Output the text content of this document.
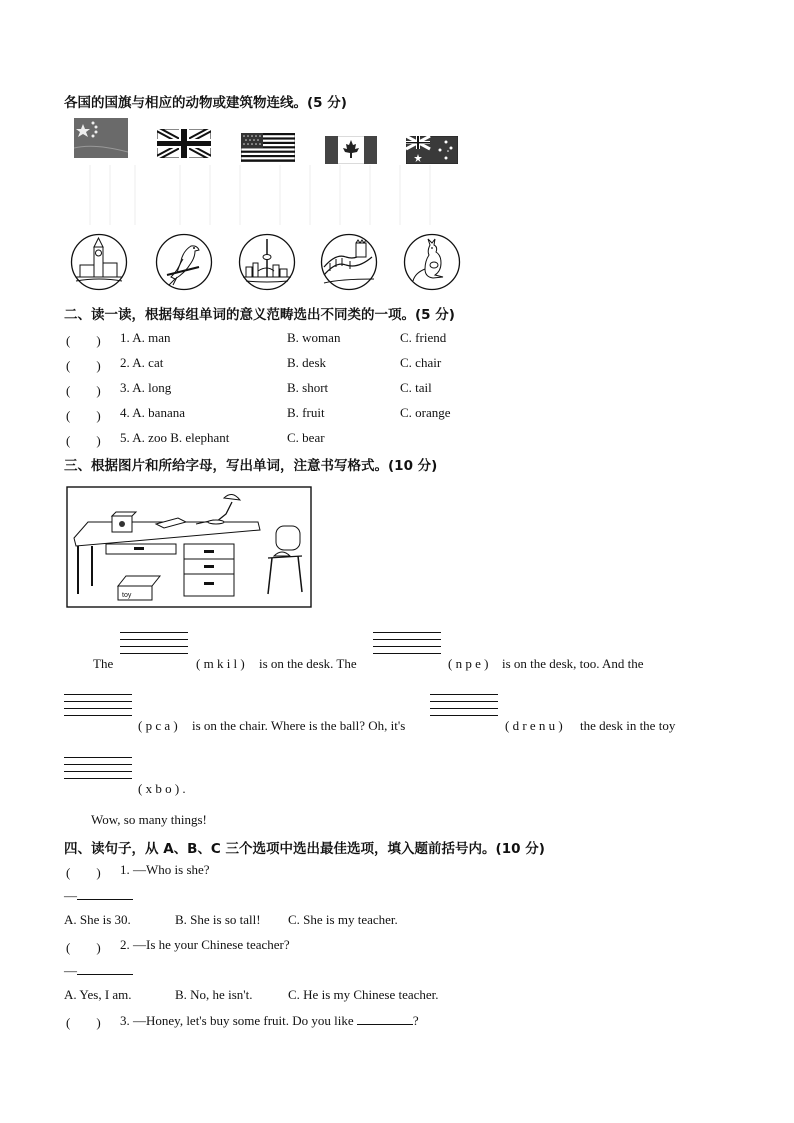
各国的国旗与相应的动物或建筑物连线。(5 分)
二、读一读，根据每组单词的意义范畴选出不同类的一项。(5 分)
(　　) 1. A. man	B. woman	C. friend
(　　) 2. A. cat	B. desk	C. chair
(　　) 3. A. long	B. short	C. tail
(　　) 4. A. banana	B. fruit	C. orange
(　　) 5. A. zoo B. elephant	C. bear
三、根据图片和所给字母，写出单词，注意书写格式。(10 分)
toy
The	( m k i l ) is on the desk. The	( n p e ) is on the desk, too. And the
( p c a ) is on the chair. Where is the ball? Oh, it's	( d r e n u ) the desk in the toy
( x b o ) .
Wow, so many things!
四、读句子，从 A、B、C 三个选项中选出最佳选项，填入题前括号内。(10 分)
(　　) 1. —Who is she?
—
A. She is 30.	B. She is so tall! C. She is my teacher.
(　　) 2. —Is he your Chinese teacher?
—
A. Yes, I am.	B. No, he isn't.	C. He is my Chinese teacher.
(　　) 3. —Honey, let's buy some fruit. Do you like	?
